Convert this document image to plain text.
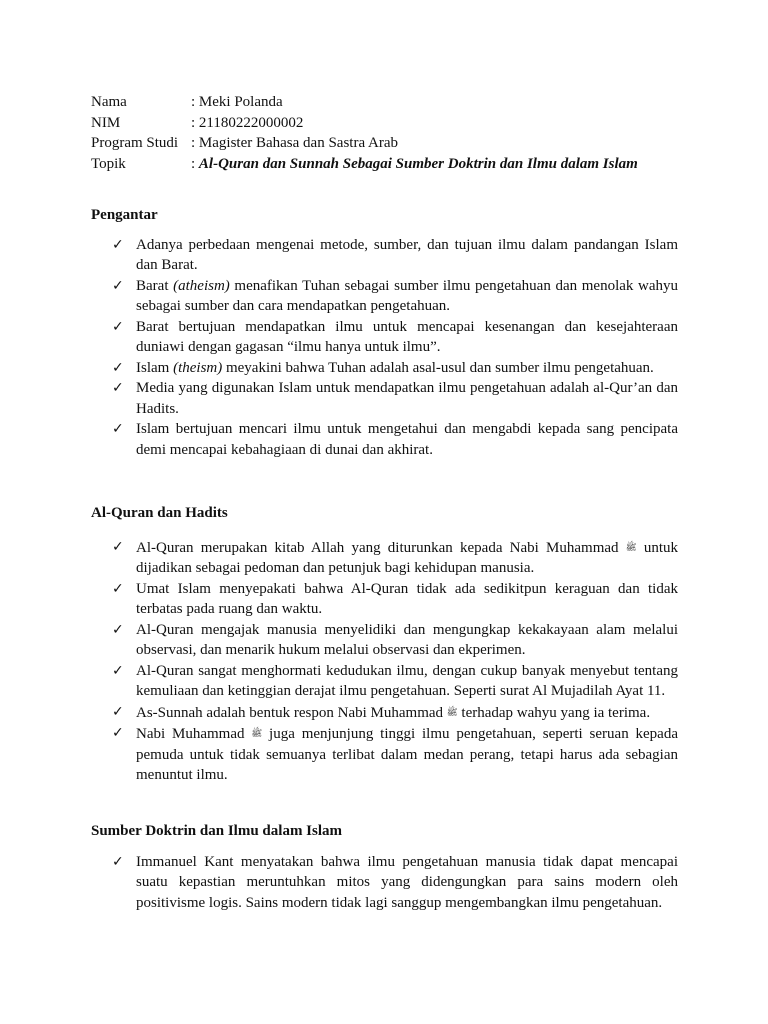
Nama	: Meki Polanda
NIM	: 21180222000002
Program Studi : Magister Bahasa dan Sastra Arab
Topik	: Al-Quran dan Sunnah Sebagai Sumber Doktrin dan Ilmu dalam Islam
Pengantar
✓ Adanya perbedaan mengenai metode, sumber, dan tujuan ilmu dalam pandangan Islam dan Barat.
✓ Barat (atheism) menafikan Tuhan sebagai sumber ilmu pengetahuan dan menolak wahyu sebagai sumber dan cara mendapatkan pengetahuan.
✓ Barat bertujuan mendapatkan ilmu untuk mencapai kesenangan dan kesejahteraan duniawi dengan gagasan “ilmu hanya untuk ilmu”.
✓ Islam (theism) meyakini bahwa Tuhan adalah asal-usul dan sumber ilmu pengetahuan.
✓ Media yang digunakan Islam untuk mendapatkan ilmu pengetahuan adalah al-Qur’an dan Hadits.
✓ Islam bertujuan mencari ilmu untuk mengetahui dan mengabdi kepada sang pencipata demi mencapai kebahagiaan di dunai dan akhirat.
Al-Quran dan Hadits
✓ Al-Quran merupakan kitab Allah yang diturunkan kepada Nabi Muhammad ﷺ untuk dijadikan sebagai pedoman dan petunjuk bagi kehidupan manusia.
✓ Umat Islam menyepakati bahwa Al-Quran tidak ada sedikitpun keraguan dan tidak terbatas pada ruang dan waktu.
✓ Al-Quran mengajak manusia menyelidiki dan mengungkap kekakayaan alam melalui observasi, dan menarik hukum melalui observasi dan ekperimen.
✓ Al-Quran sangat menghormati kedudukan ilmu, dengan cukup banyak menyebut tentang kemuliaan dan ketinggian derajat ilmu pengetahuan. Seperti surat Al Mujadilah Ayat 11.
✓ As-Sunnah adalah bentuk respon Nabi Muhammad ﷺ terhadap wahyu yang ia terima.
✓ Nabi Muhammad ﷺ juga menjunjung tinggi ilmu pengetahuan, seperti seruan kepada pemuda untuk tidak semuanya terlibat dalam medan perang, tetapi harus ada sebagian menuntut ilmu.
Sumber Doktrin dan Ilmu dalam Islam
✓ Immanuel Kant menyatakan bahwa ilmu pengetahuan manusia tidak dapat mencapai suatu kepastian meruntuhkan mitos yang didengungkan para sains modern oleh positivisme logis. Sains modern tidak lagi sanggup mengembangkan ilmu pengetahuan.
